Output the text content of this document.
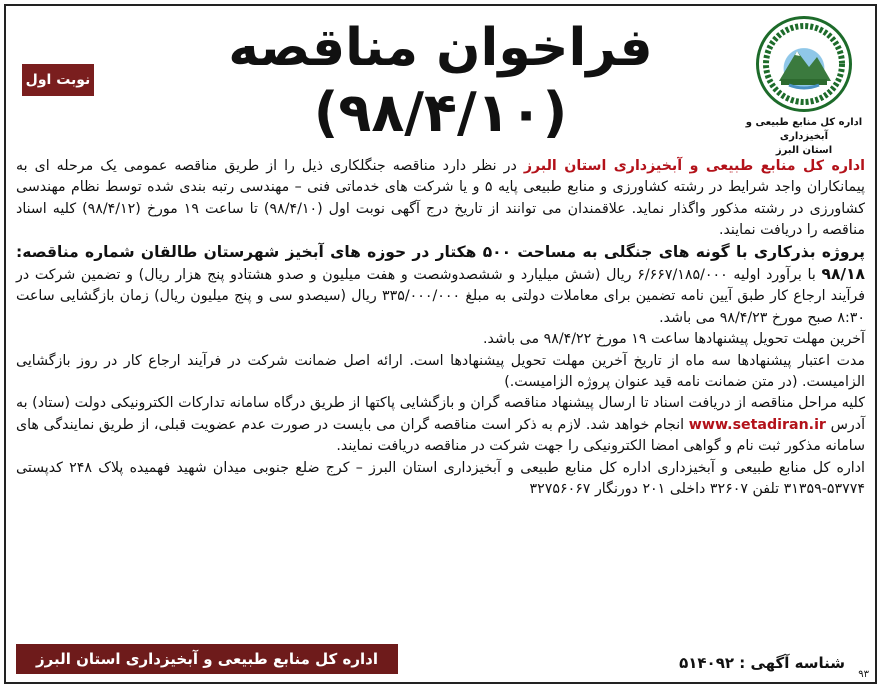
اداره کل منابع طبیعی و آبخیزداری
استان البرز
فراخوان مناقصه
(۹۸/۴/۱۰)
نوبت اول

اداره کل منابع طبیعی و آبخیزداری استان البرز در نظر دارد مناقصه جنگلکاری ذیل را از طریق مناقصه عمومی یک مرحله ای به پیمانکاران واجد شرایط در رشته کشاورزی و منابع طبیعی پایه ۵ و یا شرکت های خدماتی فنی – مهندسی رتبه بندی شده توسط نظام مهندسی کشاورزی در رشته مذکور واگذار نماید. علاقمندان می توانند از تاریخ درج آگهی نوبت اول (۹۸/۴/۱۰) تا ساعت ۱۹ مورخ (۹۸/۴/۱۲) کلیه اسناد مناقصه را دریافت نمایند.

پروژه بذرکاری با گونه های جنگلی به مساحت ۵۰۰ هکتار در حوزه های آبخیز شهرستان طالقان شماره مناقصه: ۹۸/۱۸ با برآورد اولیه ۶/۶۶۷/۱۸۵/۰۰۰ ریال (شش میلیارد و ششصدوشصت و هفت میلیون و صدو هشتادو پنج هزار ریال) و تضمین شرکت در فرآیند ارجاع کار طبق آیین نامه تضمین برای معاملات دولتی به مبلغ ۳۳۵/۰۰۰/۰۰۰ ریال (سیصدو سی و پنج میلیون ریال) زمان بازگشایی ساعت ۸:۳۰ صبح مورخ ۹۸/۴/۲۳ می باشد.

آخرین مهلت تحویل پیشنهادها ساعت ۱۹ مورخ ۹۸/۴/۲۲ می باشد.

مدت اعتبار پیشنهادها سه ماه از تاریخ آخرین مهلت تحویل پیشنهادها است. ارائه اصل ضمانت شرکت در فرآیند ارجاع کار در روز بازگشایی الزامیست. (در متن ضمانت نامه قید عنوان پروژه الزامیست.)

کلیه مراحل مناقصه از دریافت اسناد تا ارسال پیشنهاد مناقصه گران و بازگشایی پاکتها از طریق درگاه سامانه تدارکات الکترونیکی دولت (ستاد) به آدرس www.setadiran.ir انجام خواهد شد. لازم به ذکر است مناقصه گران می بایست در صورت عدم عضویت قبلی، از طریق نمایندگی های سامانه مذکور ثبت نام و گواهی امضا الکترونیکی را جهت شرکت در مناقصه دریافت نمایند.

اداره کل منابع طبیعی و آبخیزداری اداره کل منابع طبیعی و آبخیزداری استان البرز – کرج ضلع جنوبی میدان شهید فهمیده پلاک ۲۴۸ کدپستی ۵۳۷۷۴-۳۱۳۵۹ تلفن ۳۲۶۰۷ داخلی ۲۰۱ دورنگار ۳۲۷۵۶۰۶۷

شناسه آگهی : ۵۱۴۰۹۲
اداره کل منابع طبیعی و آبخیزداری استان البرز
۹۳
